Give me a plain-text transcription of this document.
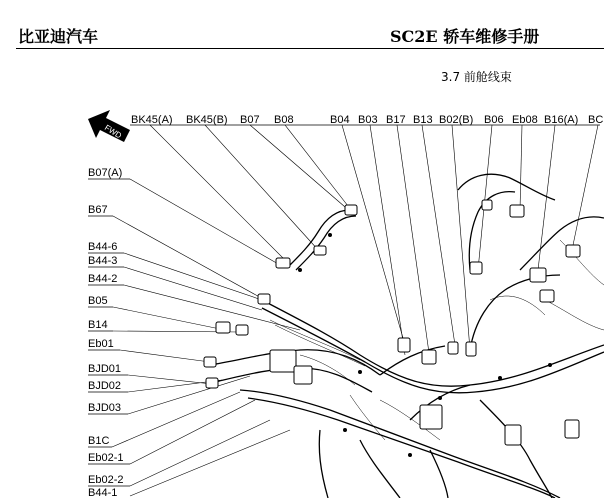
比亚迪汽车	SC2E 轿车维修手册
3.7 前舱线束
FWD
BK45(A) BK45(B) B07 B08	B04 B03 B17 B13 B02(B) B06 Eb08 B16(A) BC
B07(A)
B67
B44-6
B44-3
B44-2
B05
B14
Eb01
BJD01
BJD02
BJD03
B1C
Eb02-1
Eb02-2
B44-1
